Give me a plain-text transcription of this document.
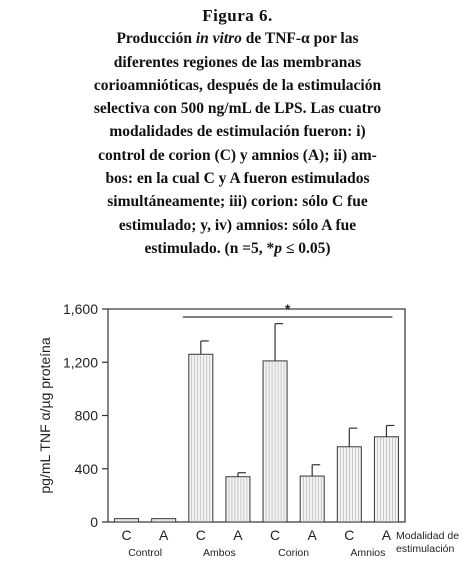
Figura 6.
Producción in vitro de TNF-α por las
diferentes regiones de las membranas
corioamnióticas, después de la estimulación
selectiva con 500 ng/mL de LPS. Las cuatro
modalidades de estimulación fueron: i)
control de corion (C) y amnios (A); ii) am-
bos: en la cual C y A fueron estimulados
simultáneamente; iii) corion: sólo C fue
estimulado; y, iv) amnios: sólo A fue
estimulado. (n =5, *p ≤ 0.05)
0
400
800
1,200
1,600
pg/mL TNF α/µg proteína
C A C A C A C A
Control	Ambos	Corion	Amnios
Modalidad de
estimulación
*
